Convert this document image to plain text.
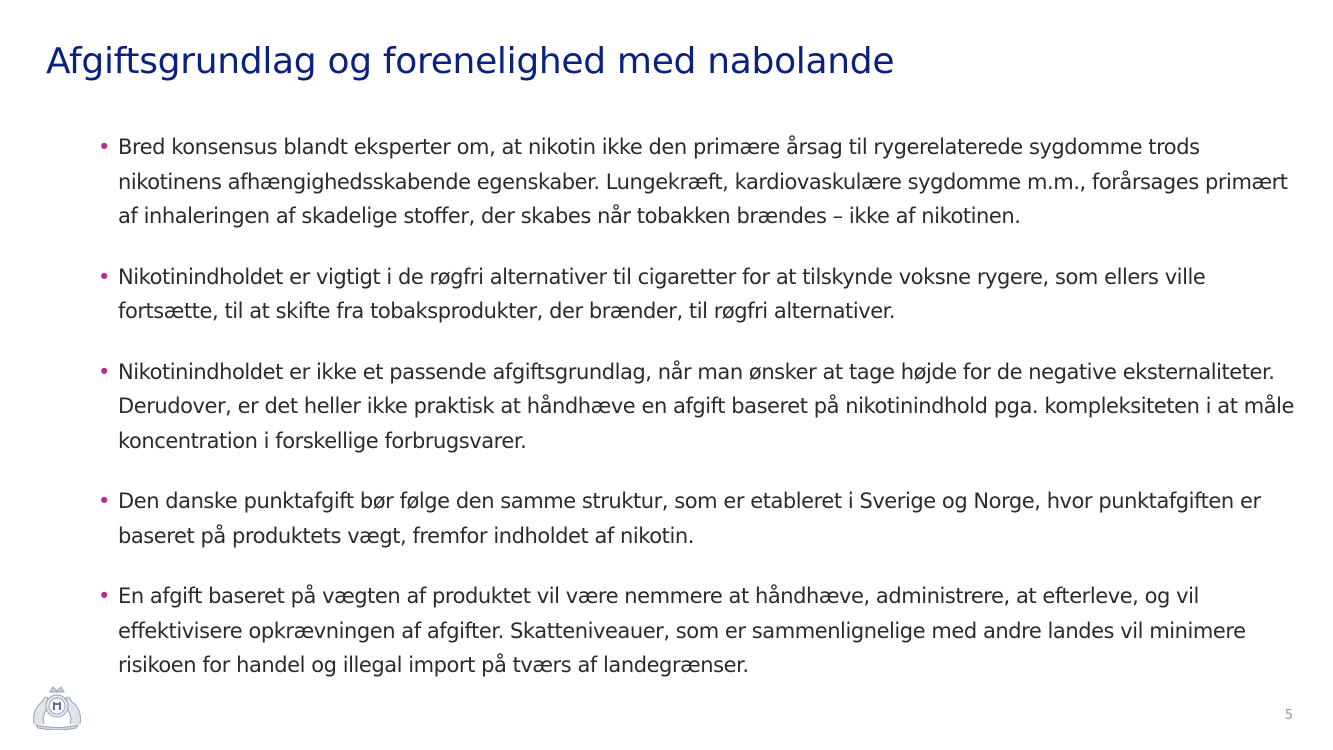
Afgiftsgrundlag og forenelighed med nabolande
• Bred konsensus blandt eksperter om, at nikotin ikke den primære årsag til rygerelaterede sygdomme trods nikotinens afhængighedsskabende egenskaber. Lungekræft, kardiovaskulære sygdomme m.m., forårsages primært af inhaleringen af skadelige stoffer, der skabes når tobakken brændes – ikke af nikotinen.
• Nikotinindholdet er vigtigt i de røgfri alternativer til cigaretter for at tilskynde voksne rygere, som ellers ville fortsætte, til at skifte fra tobaksprodukter, der brænder, til røgfri alternativer.
• Nikotinindholdet er ikke et passende afgiftsgrundlag, når man ønsker at tage højde for de negative eksternaliteter. Derudover, er det heller ikke praktisk at håndhæve en afgift baseret på nikotinindhold pga. kompleksiteten i at måle koncentration i forskellige forbrugsvarer.
• Den danske punktafgift bør følge den samme struktur, som er etableret i Sverige og Norge, hvor punktafgiften er baseret på produktets vægt, fremfor indholdet af nikotin.
• En afgift baseret på vægten af produktet vil være nemmere at håndhæve, administrere, at efterleve, og vil effektivisere opkrævningen af afgifter. Skatteniveauer, som er sammenlignelige med andre landes vil minimere risikoen for handel og illegal import på tværs af landegrænser.
5
